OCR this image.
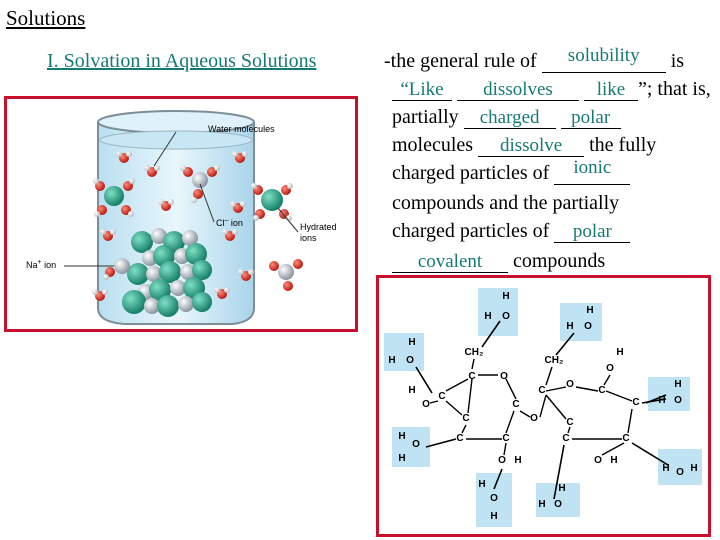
Solutions
I. Solvation in Aqueous Solutions	-the general rule of solubility is
“Like dissolves like ”; that is,
partially charged polar
molecules dissolve the fully
charged particles of ionic
compounds and the partially
charged particles of polar
covalent compounds
Water molecules
Cl– ion
Na+ ion
Hydrated
ions
H
O
H
H
O
H
H
O
H
H O
H
H
O
H
H O H
H
O
H
H O
H
CH₂
C O
C
O
H
C
C	C
C
O
CH₂
C
O
C
C
C
C	C
O
H
O H	O H
